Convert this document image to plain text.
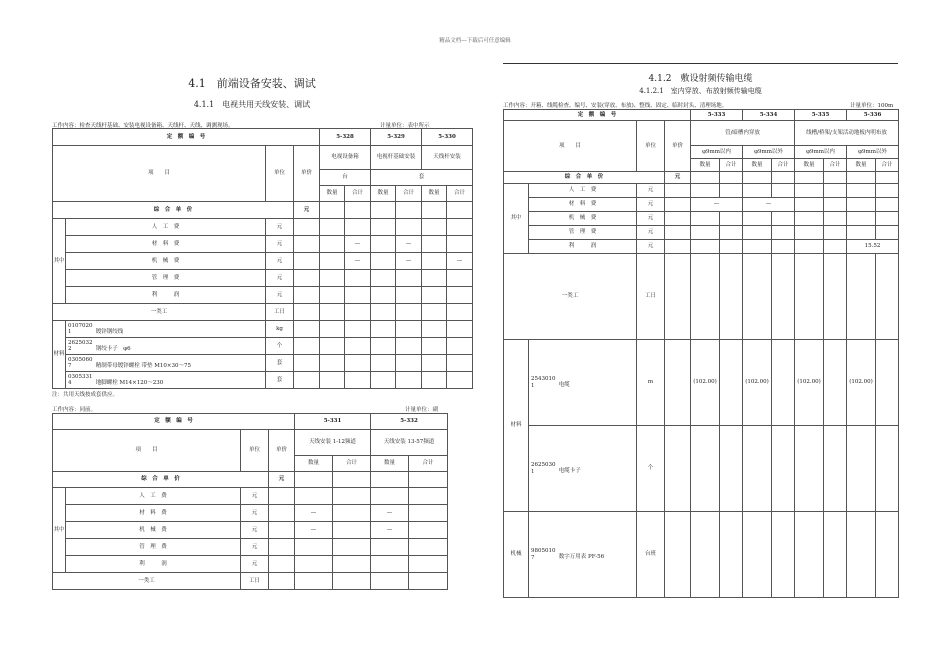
精品文档---下载后可任意编辑
4.1　前端设备安装、调试
4.1.1　电视共用天线安装、调试
工作内容：检查天线杆基础、安装电视设备箱、天线杆、天线、调测现场。	计量单位：表中所示
定　额　编　号				5-328		5-329		5-330	
项　　目		单位	单价	电视设备箱		电视杆基础安装		天线杆安装	
				台		套			
				数量	合计	数量	合计	数量	合计
综　合　单　价			元						
其中	人　工　费	元							
	材　料　费	元			—		—		
	机　械　费	元			—		—		—
	管　理　费	元							
	利　　　润	元							
一类工		工日							
材料	01070201 镀锌钢绞线	kg							
	26250322 钢绞卡子　φ6	个							
	03050607 精制带母镀锌螺栓 带垫 M10×30～75	套							
	03053314 地脚螺栓 M14×120～230	套							
注：共用天线按成套供应。
工作内容：同前。	计量单位：副
定　额　编　号				5-331		5-332	
项　　目		单位	单价	天线安装 1-12频道		天线安装 13-57频道	
				数量	合计	数量	合计
综　合　单　价			元				
其中	人　工　费	元					
	材　料　费	元		—		—	
	机　械　费	元		—		—	
	管　理　费	元					
	利　　　润	元					
一类工		工日					
4.1.2　敷设射频传输电缆
4.1.2.1　室内穿放、布放射频传输电缆
工作内容：开箱、线缆检查、编号、安装(穿放、布放)、整线、固定、临时封头、清理场地。	计量单位：100m
定　额　编　号				5-333		5-334		5-335		5-336	
项　　目		单位	单价	管/暗槽内穿放				线槽/桥架/支架活动地板内明布放			
				φ9mm以内		φ9mm以外		φ9mm以内		φ9mm以外	
				数量	合计	数量	合计	数量	合计	数量	合计
综　合　单　价			元								
其中	人　工　费	元									
	材　料　费	元		—		—					
	机　械　费	元									
	管　理　费	元									
	利　　　润	元								15.52	
一类工		工日									
材料	25430101 电缆	m		(102.00)		(102.00)		(102.00)		(102.00)	
	26250301 电缆卡子	个									
机械	98050107 数字万用表 PF-56	台班									
